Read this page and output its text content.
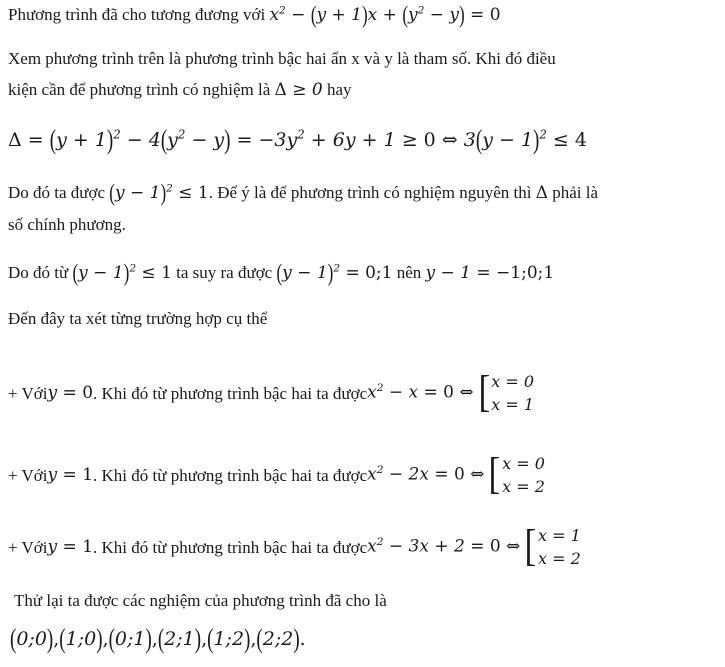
Phương trình đã cho tương đương với $x^2 - (y + 1)x + (y^2 - y) = 0$
Xem phương trình trên là phương trình bậc hai ẩn x và y là tham số. Khi đó điều
kiện cần để phương trình có nghiệm là Δ ≥ 0 hay
$\Delta = (y + 1)^2 - 4(y^2 - y) = -3y^2 + 6y + 1 \ge 0$ ⇔ $3(y - 1)^2 \le 4$
Do đó ta được $(y - 1)^2 \le 1$. Để ý là để phương trình có nghiệm nguyên thì Δ phải là
số chính phương.
Do đó từ $(y - 1)^2 \le 1$ ta suy ra được $(y - 1)^2$ = 0;1 nên y − 1 = −1;0;1
Đến đây ta xét từng trường hợp cụ thể
+ Vớiy = 0. Khi đó từ phương trình bậc hai ta đượcx$^2$ − x = 0 ⇔ [ x = 0
x = 1
+ Vớiy = 1. Khi đó từ phương trình bậc hai ta đượcx$^2$ − 2x = 0 ⇔ [ x = 0
x = 2
+ Vớiy = 1. Khi đó từ phương trình bậc hai ta đượcx$^2$ − 3x + 2 = 0 ⇔ [ x = 1
x = 2
Thử lại ta được các nghiệm của phương trình đã cho là
(0;0),(1;0),(0;1),(2;1),(1;2),(2;2).
